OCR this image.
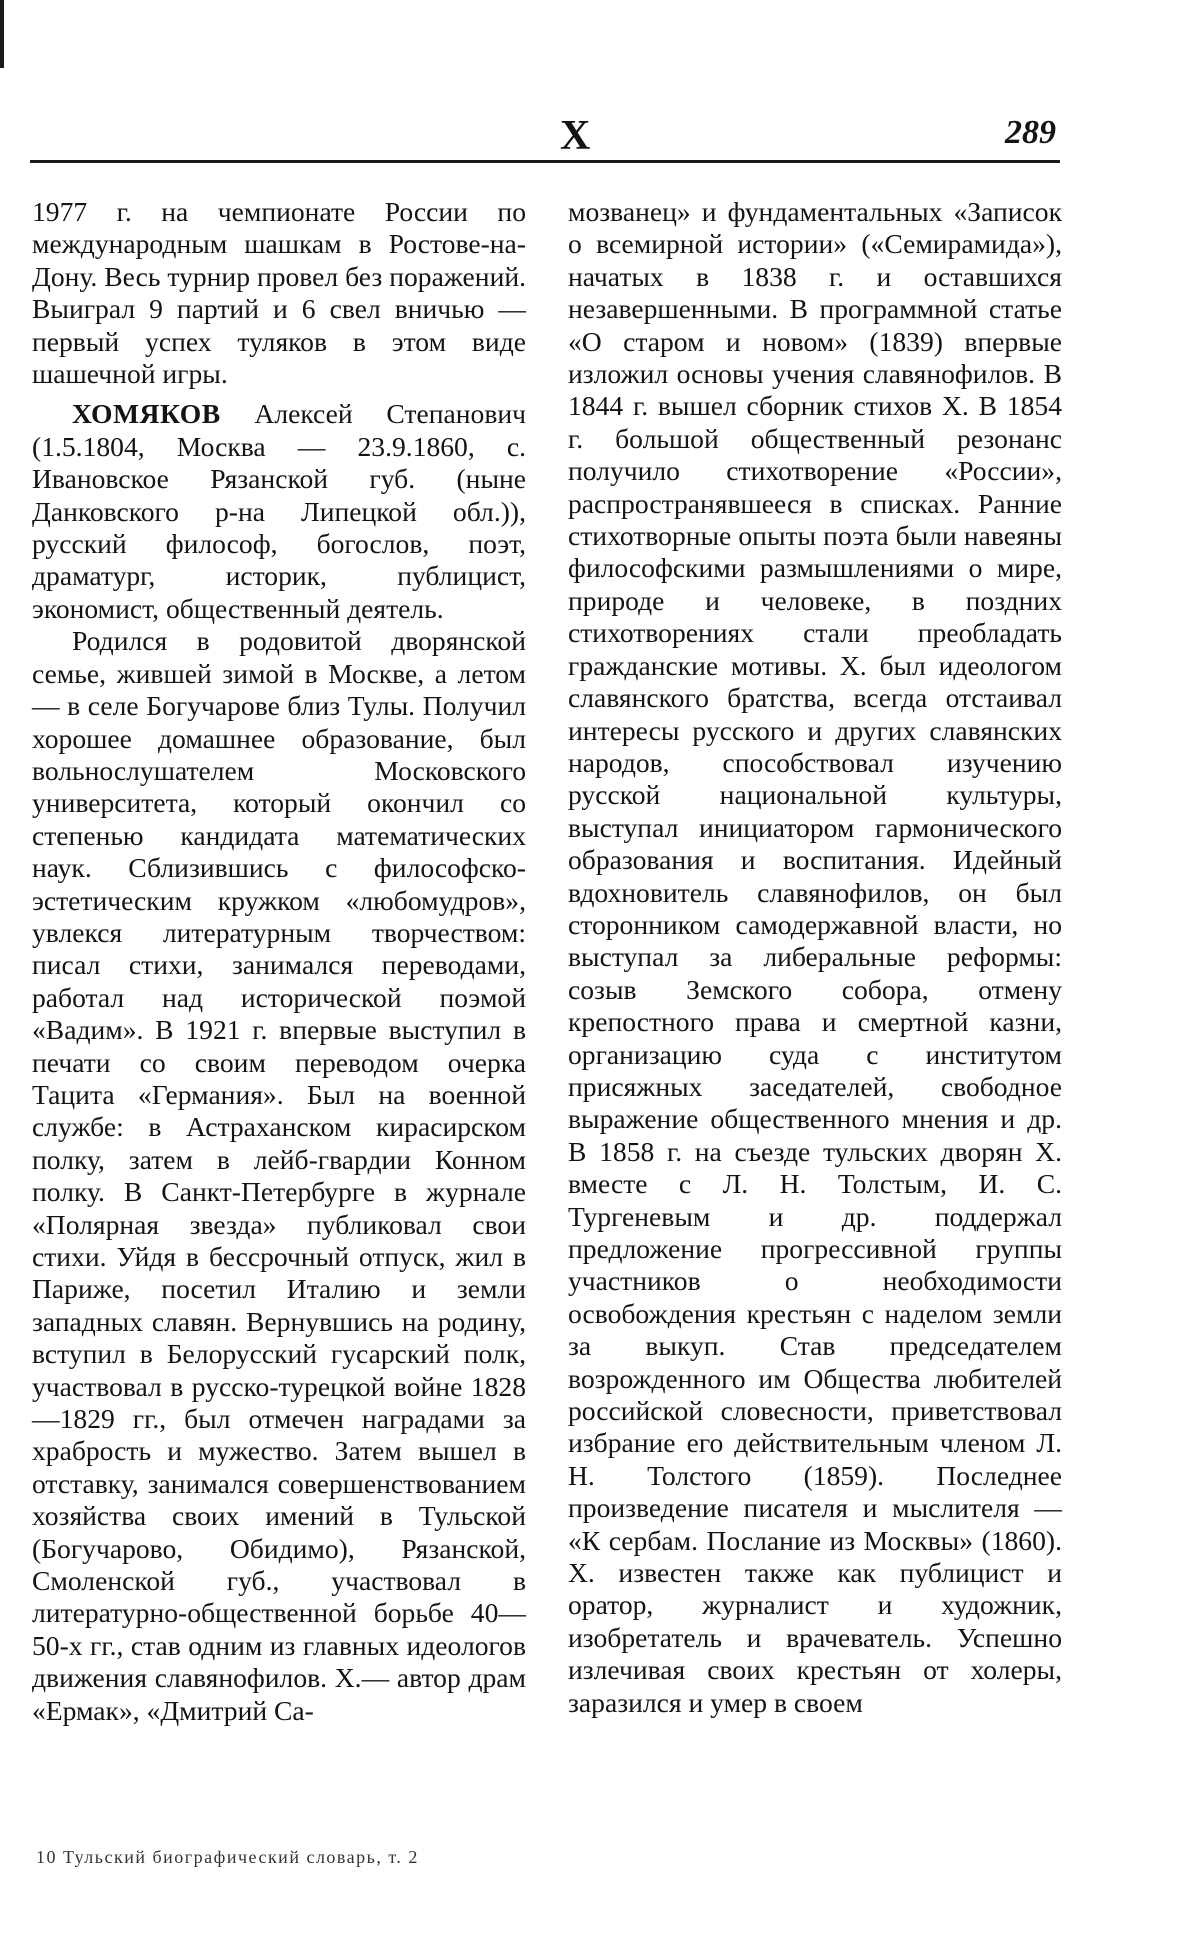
Х	289

1977 г. на чемпионате России по международным шашкам в Ростове-на-Дону. Весь турнир провел без поражений. Выиграл 9 партий и 6 свел вничью — первый успех туляков в этом виде шашечной игры.

ХОМЯКОВ Алексей Степанович (1.5.1804, Москва — 23.9.1860, с. Ивановское Рязанской губ. (ныне Данковского р-на Липецкой обл.)), русский философ, богослов, поэт, драматург, историк, публицист, экономист, общественный деятель.

Родился в родовитой дворянской семье, жившей зимой в Москве, а летом — в селе Богучарове близ Тулы. Получил хорошее домашнее образование, был вольнослушателем Московского университета, который окончил со степенью кандидата математических наук. Сблизившись с философско-эстетическим кружком «любомудров», увлекся литературным творчеством: писал стихи, занимался переводами, работал над исторической поэмой «Вадим». В 1921 г. впервые выступил в печати со своим переводом очерка Тацита «Германия». Был на военной службе: в Астраханском кирасирском полку, затем в лейб-гвардии Конном полку. В Санкт-Петербурге в журнале «Полярная звезда» публиковал свои стихи. Уйдя в бессрочный отпуск, жил в Париже, посетил Италию и земли западных славян. Вернувшись на родину, вступил в Белорусский гусарский полк, участвовал в русско-турецкой войне 1828—1829 гг., был отмечен наградами за храбрость и мужество. Затем вышел в отставку, занимался совершенствованием хозяйства своих имений в Тульской (Богучарово, Обидимо), Рязанской, Смоленской губ., участвовал в литературно-общественной борьбе 40—50-х гг., став одним из главных идеологов движения славянофилов. Х.— автор драм «Ермак», «Дмитрий Са-

мозванец» и фундаментальных «Записок о всемирной истории» («Семирамида»), начатых в 1838 г. и оставшихся незавершенными. В программной статье «О старом и новом» (1839) впервые изложил основы учения славянофилов. В 1844 г. вышел сборник стихов Х. В 1854 г. большой общественный резонанс получило стихотворение «России», распространявшееся в списках. Ранние стихотворные опыты поэта были навеяны философскими размышлениями о мире, природе и человеке, в поздних стихотворениях стали преобладать гражданские мотивы. Х. был идеологом славянского братства, всегда отстаивал интересы русского и других славянских народов, способствовал изучению русской национальной культуры, выступал инициатором гармонического образования и воспитания. Идейный вдохновитель славянофилов, он был сторонником самодержавной власти, но выступал за либеральные реформы: созыв Земского собора, отмену крепостного права и смертной казни, организацию суда с институтом присяжных заседателей, свободное выражение общественного мнения и др. В 1858 г. на съезде тульских дворян Х. вместе с Л. Н. Толстым, И. С. Тургеневым и др. поддержал предложение прогрессивной группы участников о необходимости освобождения крестьян с наделом земли за выкуп. Став председателем возрожденного им Общества любителей российской словесности, приветствовал избрание его действительным членом Л. Н. Толстого (1859). Последнее произведение писателя и мыслителя — «К сербам. Послание из Москвы» (1860). Х. известен также как публицист и оратор, журналист и художник, изобретатель и врачеватель. Успешно излечивая своих крестьян от холеры, заразился и умер в своем

10 Тульский биографический словарь, т. 2
